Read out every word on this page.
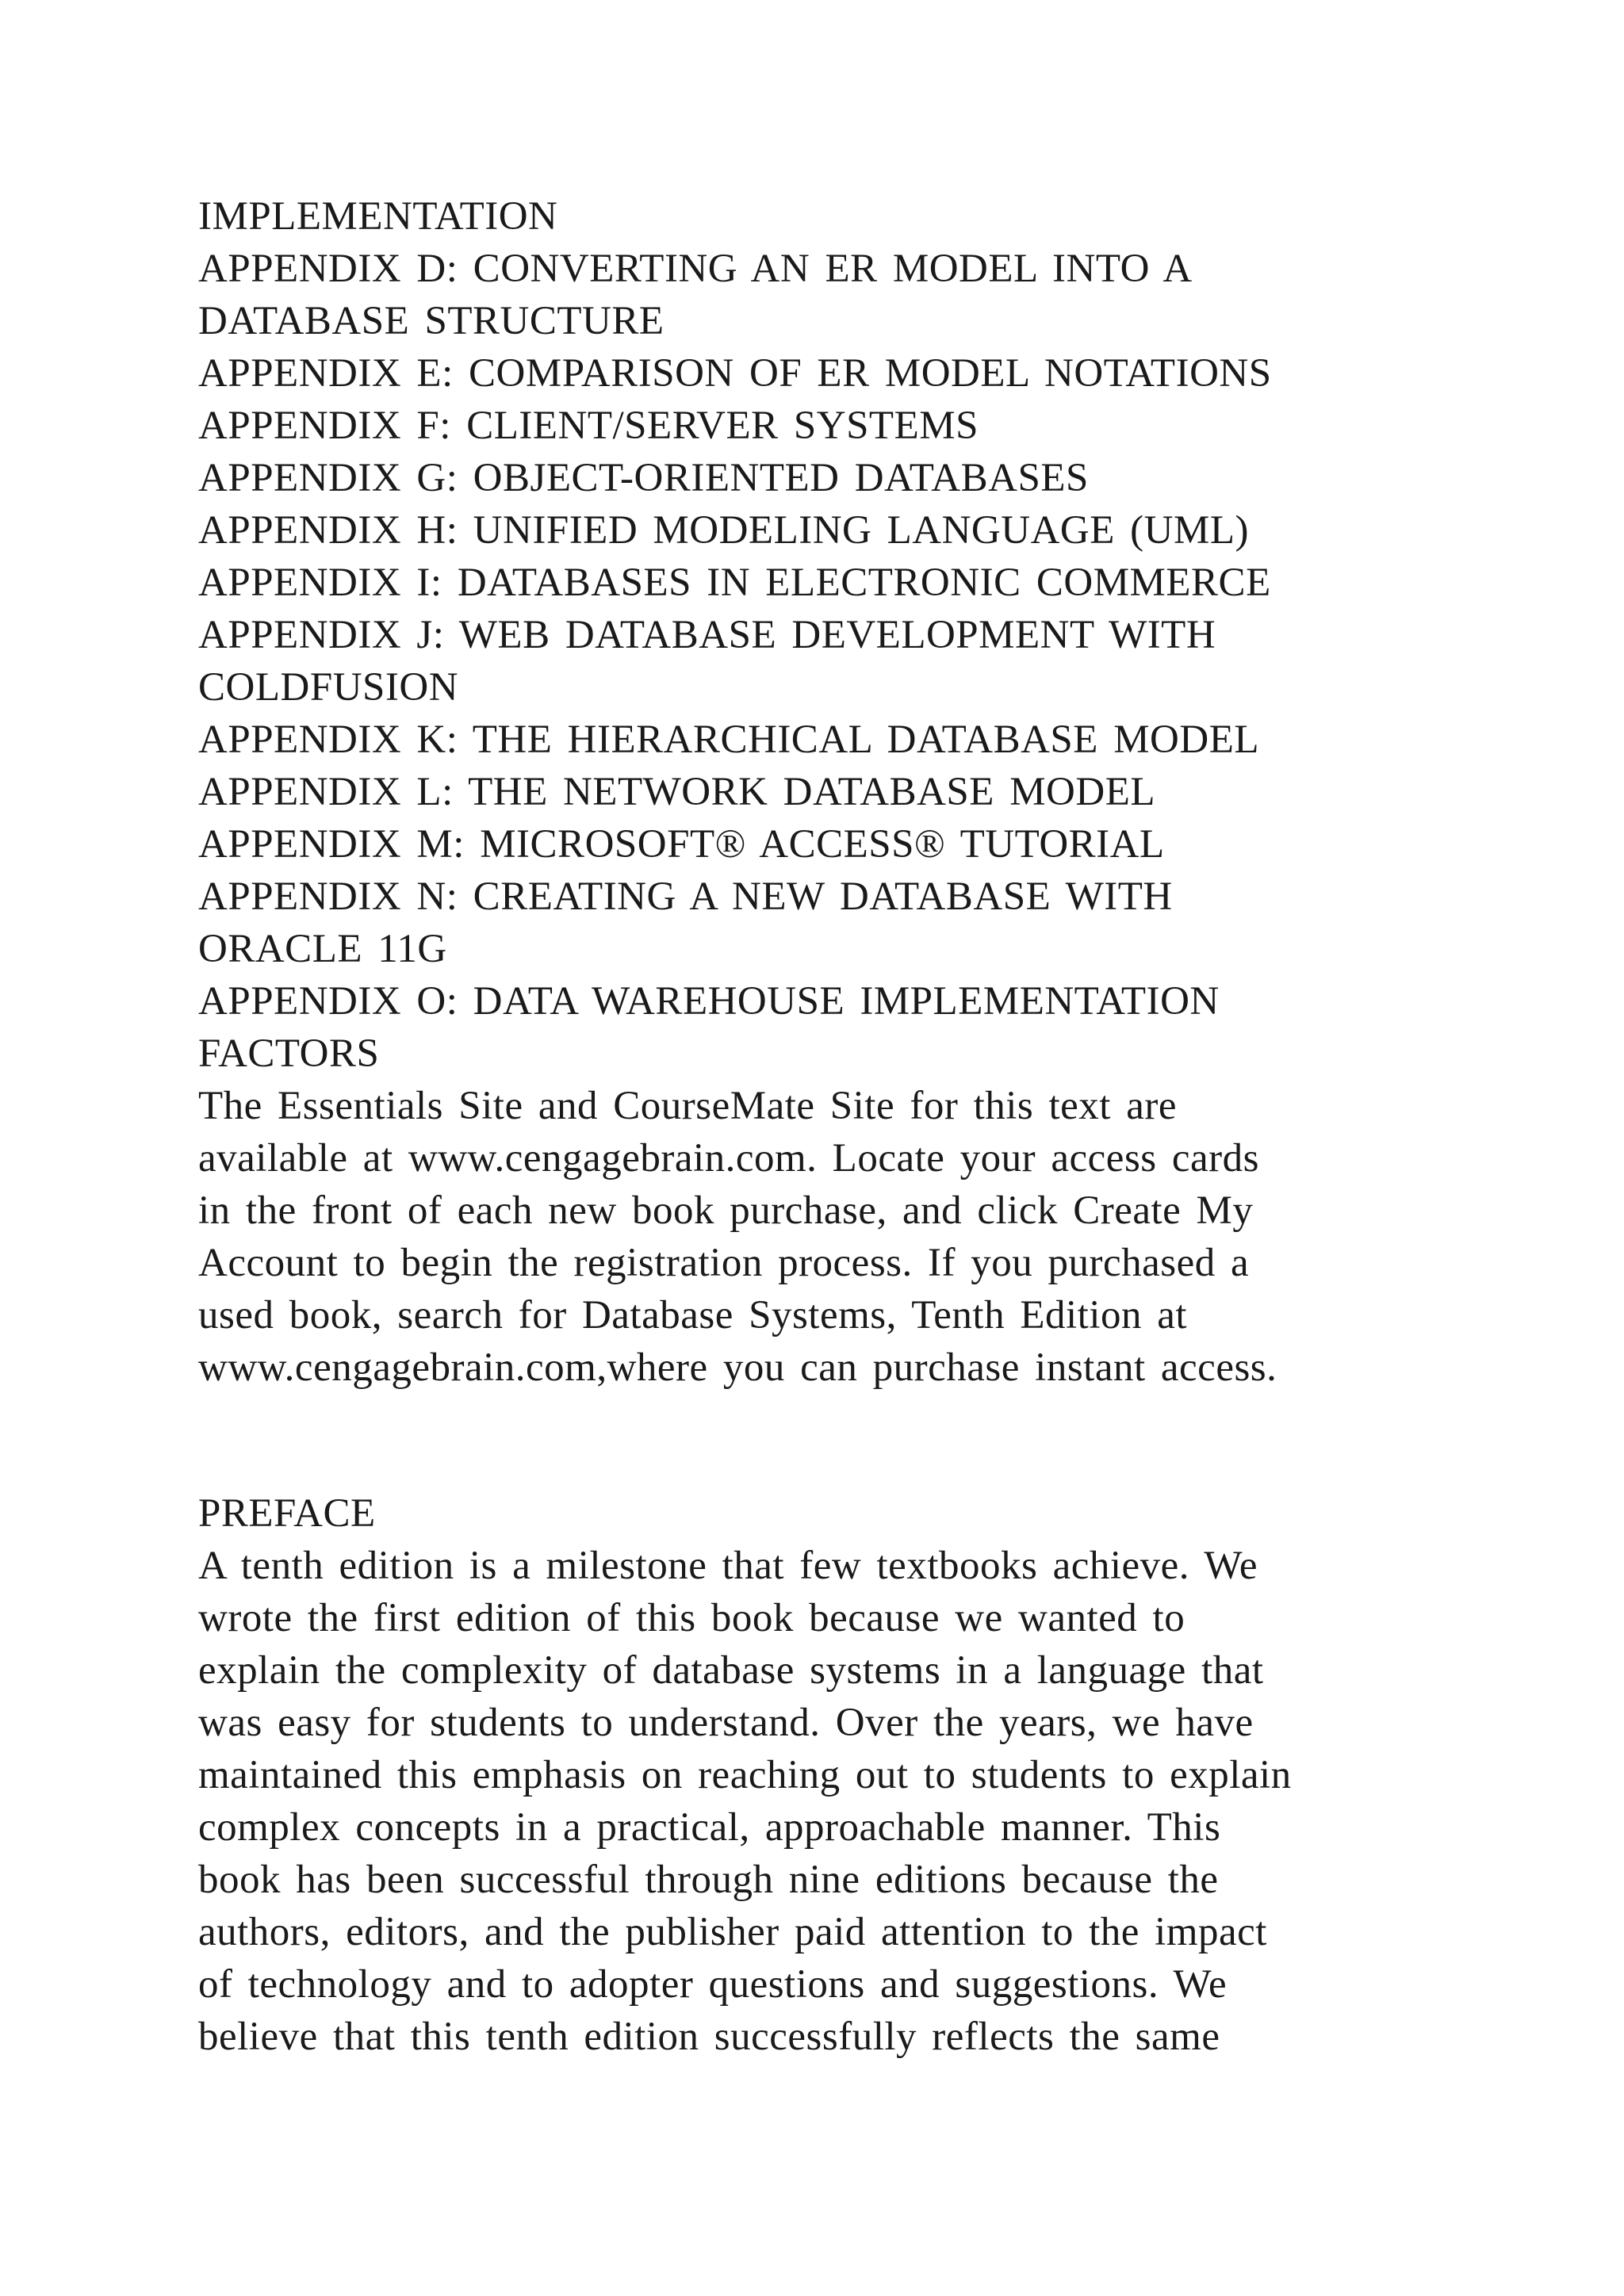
IMPLEMENTATION
APPENDIX D: CONVERTING AN ER MODEL INTO A
DATABASE STRUCTURE
APPENDIX E: COMPARISON OF ER MODEL NOTATIONS
APPENDIX F: CLIENT/SERVER SYSTEMS
APPENDIX G: OBJECT-ORIENTED DATABASES
APPENDIX H: UNIFIED MODELING LANGUAGE (UML)
APPENDIX I: DATABASES IN ELECTRONIC COMMERCE
APPENDIX J: WEB DATABASE DEVELOPMENT WITH
COLDFUSION
APPENDIX K: THE HIERARCHICAL DATABASE MODEL
APPENDIX L: THE NETWORK DATABASE MODEL
APPENDIX M: MICROSOFT® ACCESS® TUTORIAL
APPENDIX N: CREATING A NEW DATABASE WITH
ORACLE 11G
APPENDIX O: DATA WAREHOUSE IMPLEMENTATION
FACTORS
The Essentials Site and CourseMate Site for this text are
available at www.cengagebrain.com. Locate your access cards
in the front of each new book purchase, and click Create My
Account to begin the registration process. If you purchased a
used book, search for Database Systems, Tenth Edition at
www.cengagebrain.com,where you can purchase instant access.
PREFACE
A tenth edition is a milestone that few textbooks achieve. We
wrote the first edition of this book because we wanted to
explain the complexity of database systems in a language that
was easy for students to understand. Over the years, we have
maintained this emphasis on reaching out to students to explain
complex concepts in a practical, approachable manner. This
book has been successful through nine editions because the
authors, editors, and the publisher paid attention to the impact
of technology and to adopter questions and suggestions. We
believe that this tenth edition successfully reflects the same
